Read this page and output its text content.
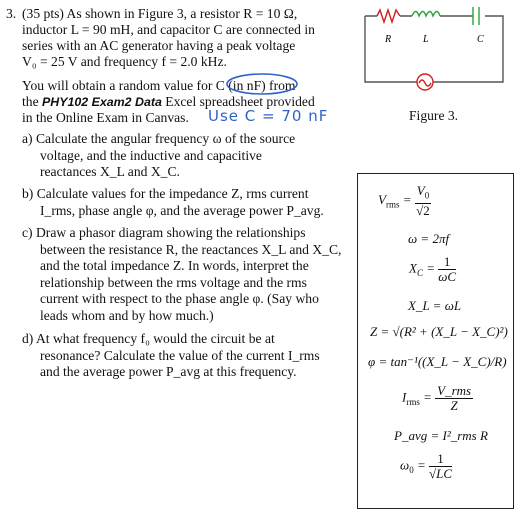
3. (35 pts) As shown in Figure 3, a resistor R = 10 Ω,
inductor L = 90 mH, and capacitor C are connected in
series with an AC generator having a peak voltage
V₀ = 25 V and frequency f = 2.0 kHz.
You will obtain a random value for C (in nF) from
the PHY102 Exam2 Data Excel spreadsheet provided
in the Online Exam in Canvas. Use C = 70 nF
a) Calculate the angular frequency ω of the source
voltage, and the inductive and capacitive
reactances X_L and X_C.
b) Calculate values for the impedance Z, rms current
I_rms, phase angle φ, and the average power P_avg.
c) Draw a phasor diagram showing the relationships
between the resistance R, the reactances X_L and X_C,
and the total impedance Z. In words, interpret the
relationship between the rms voltage and the rms
current with respect to the phase angle φ. (Say who
leads whom and by how much.)
d) At what frequency f₀ would the circuit be at
resonance? Calculate the value of the current I_rms
and the average power P_avg at this frequency.
R	L	C
Figure 3.
$V_{rms} = \frac{V_0}{√2}$
ω = 2πf
$X_C = \frac{1}{\omega C}$
X_L = ωL
Z = √(R² + (X_L − X_C)²)
φ = tan⁻¹((X_L − X_C)/R)
$I_{rms} = \frac{\text{V\_rms}}{Z}$
P_avg = I²_rms R
$\omega_0 = \frac{1}{√LC}$
